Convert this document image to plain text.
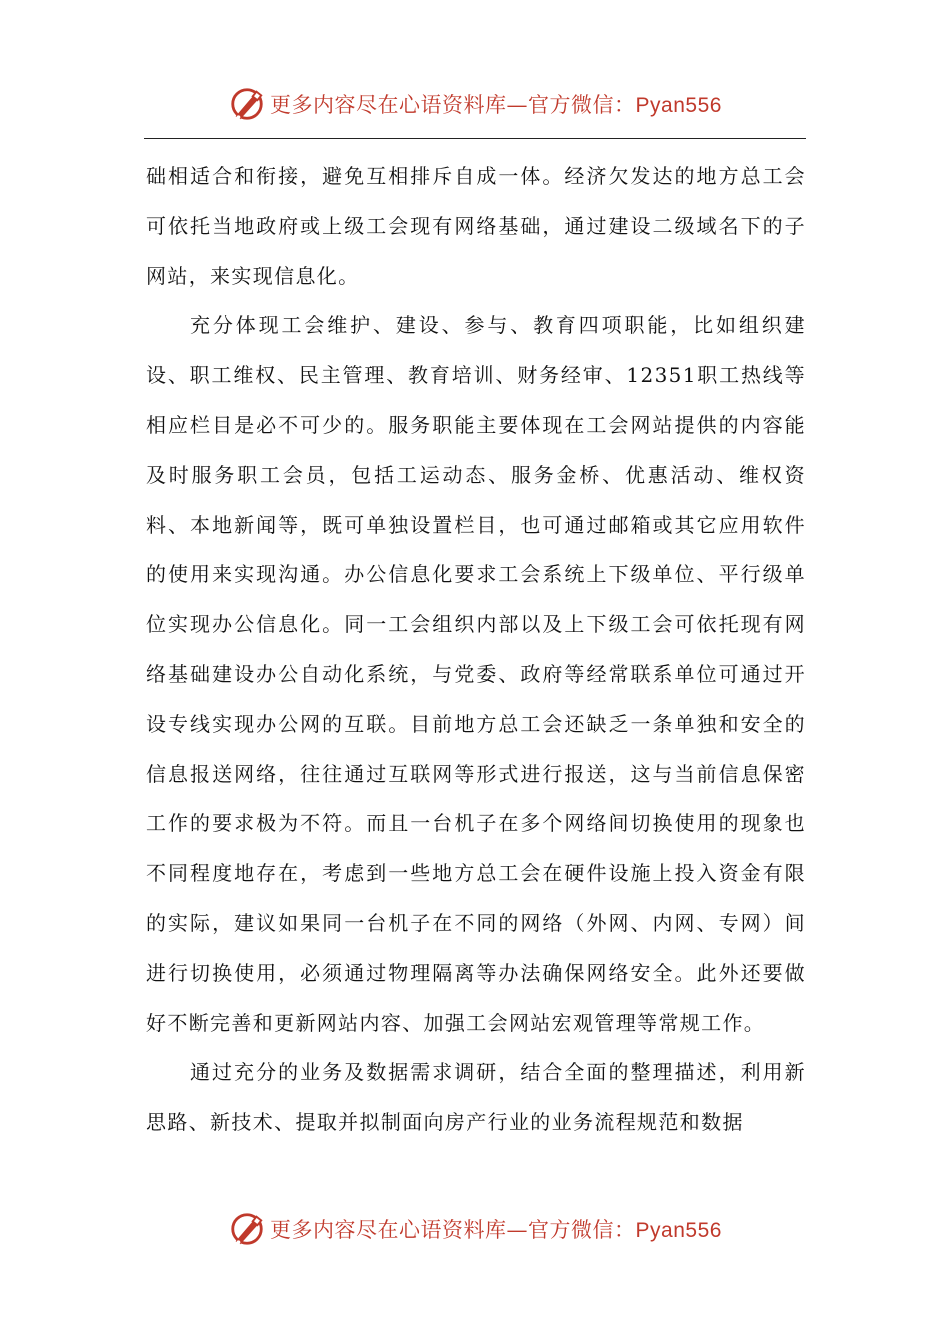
更多内容尽在心语资料库—官方微信：Pyan556

础相适合和衔接，避免互相排斥自成一体。经济欠发达的地方总工会可依托当地政府或上级工会现有网络基础，通过建设二级域名下的子网站，来实现信息化。

充分体现工会维护、建设、参与、教育四项职能，比如组织建设、职工维权、民主管理、教育培训、财务经审、12351职工热线等相应栏目是必不可少的。服务职能主要体现在工会网站提供的内容能及时服务职工会员，包括工运动态、服务金桥、优惠活动、维权资料、本地新闻等，既可单独设置栏目，也可通过邮箱或其它应用软件的使用来实现沟通。办公信息化要求工会系统上下级单位、平行级单位实现办公信息化。同一工会组织内部以及上下级工会可依托现有网络基础建设办公自动化系统，与党委、政府等经常联系单位可通过开设专线实现办公网的互联。目前地方总工会还缺乏一条单独和安全的信息报送网络，往往通过互联网等形式进行报送，这与当前信息保密工作的要求极为不符。而且一台机子在多个网络间切换使用的现象也不同程度地存在，考虑到一些地方总工会在硬件设施上投入资金有限的实际，建议如果同一台机子在不同的网络（外网、内网、专网）间进行切换使用，必须通过物理隔离等办法确保网络安全。此外还要做好不断完善和更新网站内容、加强工会网站宏观管理等常规工作。

通过充分的业务及数据需求调研，结合全面的整理描述，利用新思路、新技术、提取并拟制面向房产行业的业务流程规范和数据

更多内容尽在心语资料库—官方微信：Pyan556
